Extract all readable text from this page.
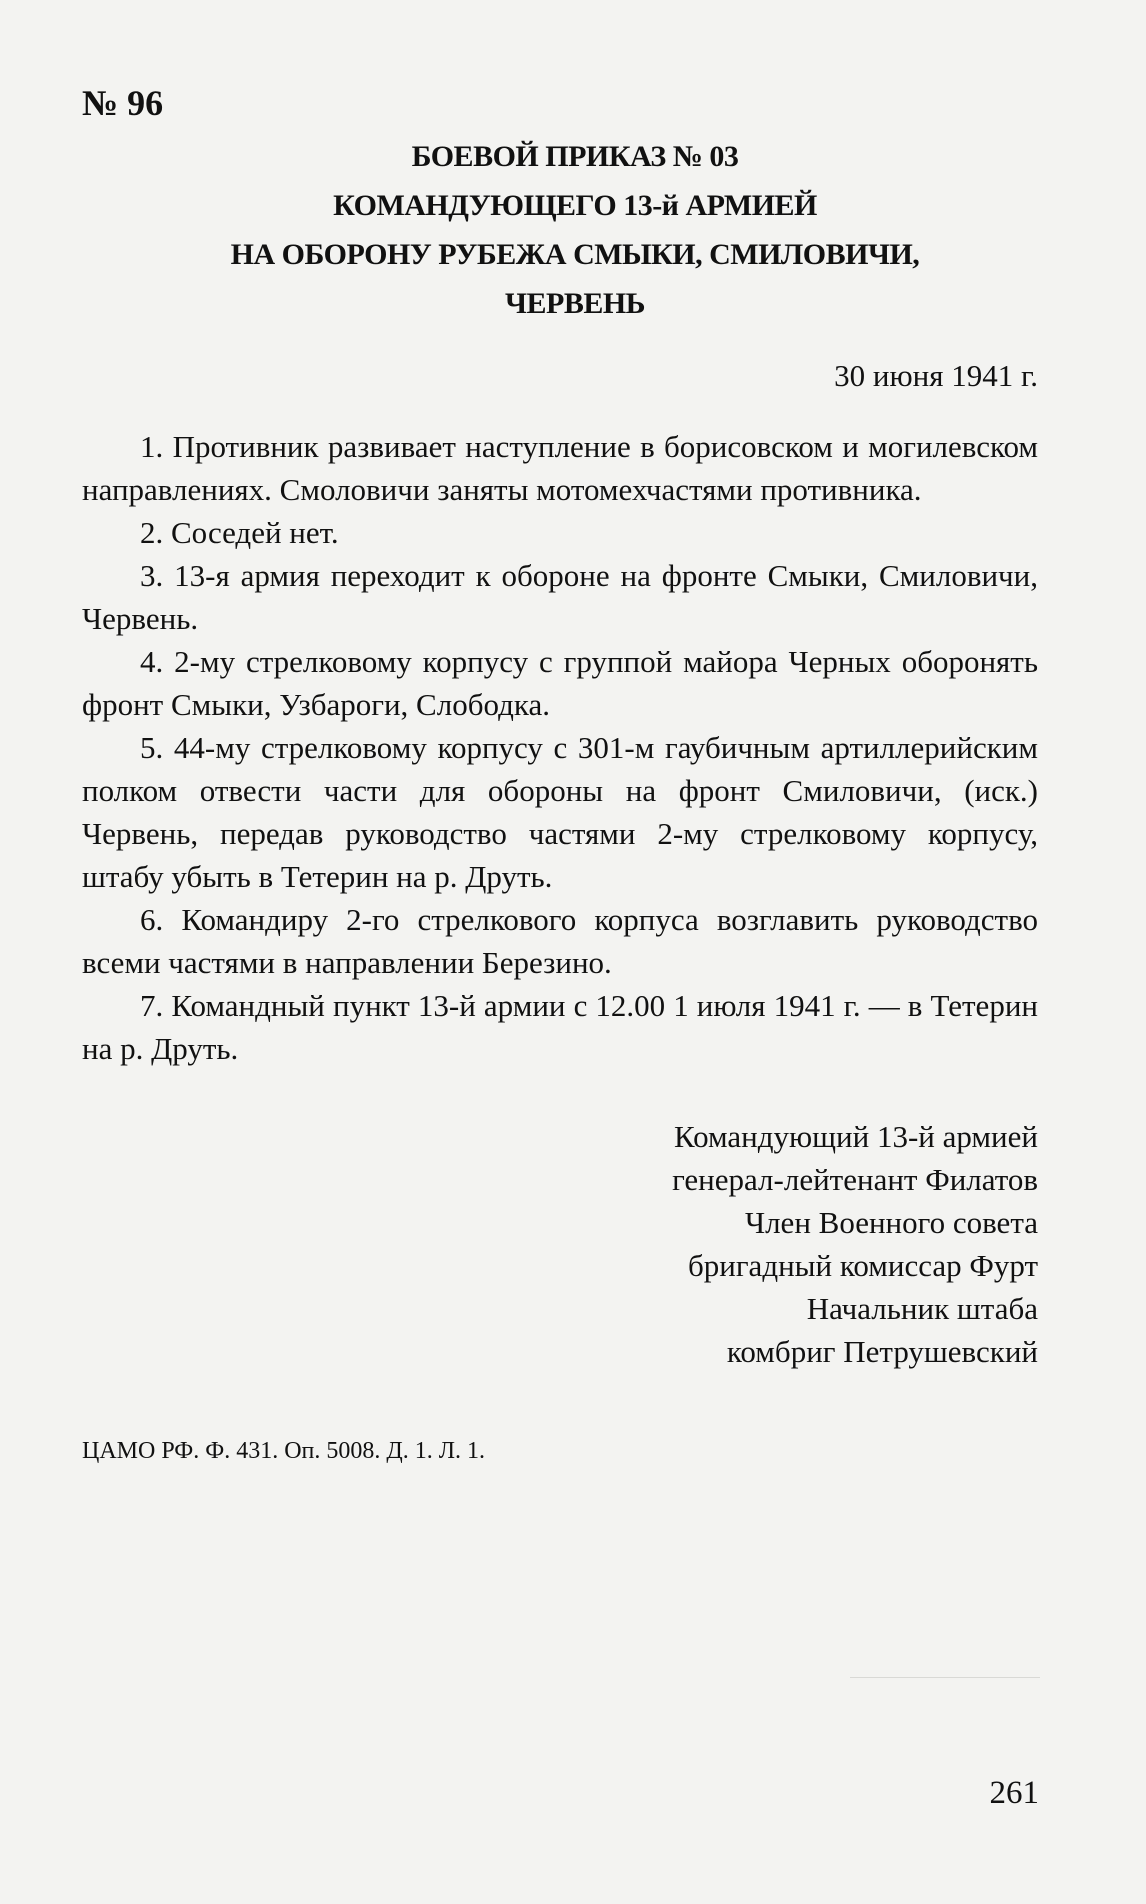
№ 96
БОЕВОЙ ПРИКАЗ № 03
КОМАНДУЮЩЕГО 13-й АРМИЕЙ
НА ОБОРОНУ РУБЕЖА СМЫКИ, СМИЛОВИЧИ,
ЧЕРВЕНЬ
30 июня 1941 г.

1. Противник развивает наступление в борисовском и могилевском направлениях. Смоловичи заняты мотомехчастями противника.

2. Соседей нет.

3. 13-я армия переходит к обороне на фронте Смыки, Смиловичи, Червень.

4. 2-му стрелковому корпусу с группой майора Черных оборонять фронт Смыки, Узбароги, Слободка.

5. 44-му стрелковому корпусу с 301-м гаубичным артиллерийским полком отвести части для обороны на фронт Смиловичи, (иск.) Червень, передав руководство частями 2-му стрелковому корпусу, штабу убыть в Тетерин на р. Друть.

6. Командиру 2-го стрелкового корпуса возглавить руководство всеми частями в направлении Березино.

7. Командный пункт 13-й армии с 12.00 1 июля 1941 г. — в Тетерин на р. Друть.

Командующий 13-й армией
генерал-лейтенант Филатов
Член Военного совета
бригадный комиссар Фурт
Начальник штаба
комбриг Петрушевский
ЦАМО РФ. Ф. 431. Оп. 5008. Д. 1. Л. 1.
261
